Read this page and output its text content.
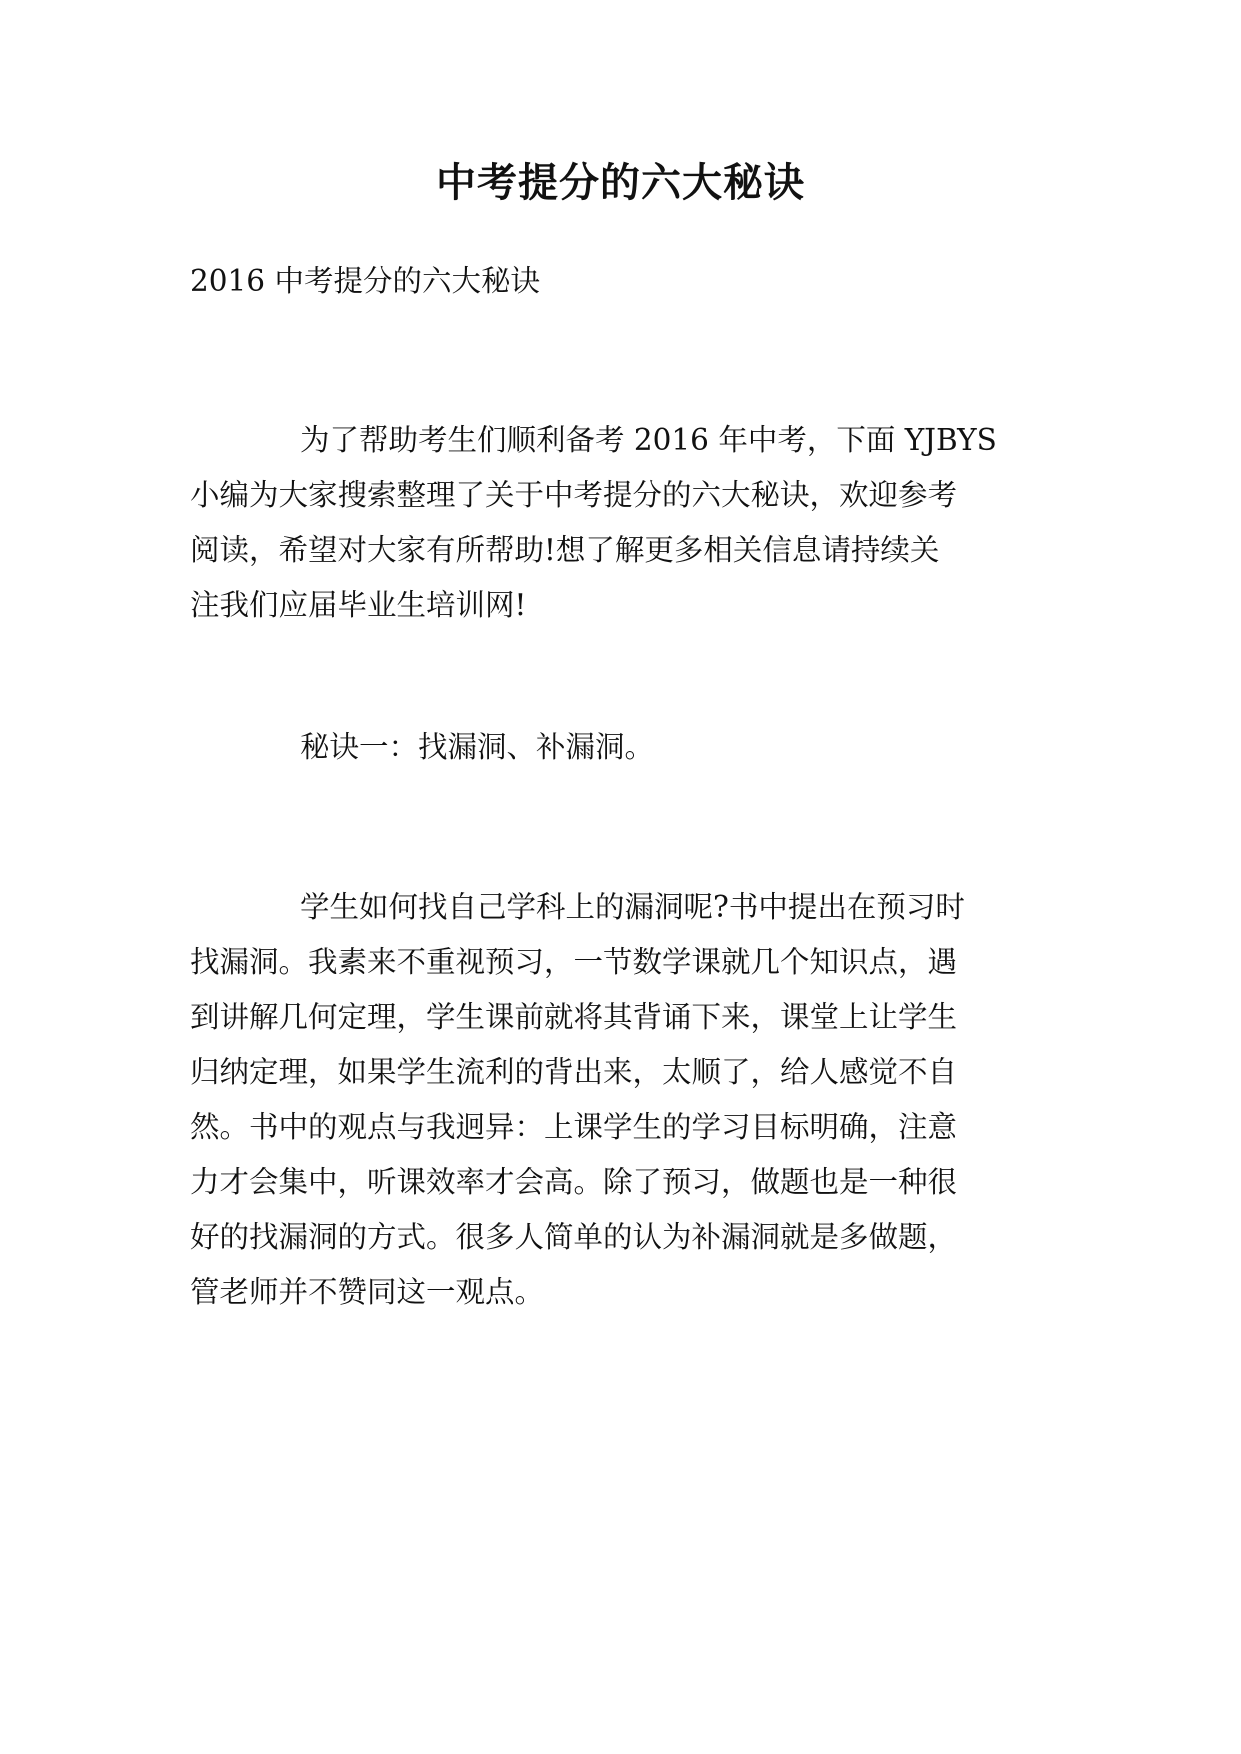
中考提分的六大秘诀

2016 中考提分的六大秘诀

为了帮助考生们顺利备考 2016 年中考，下面 YJBYS
小编为大家搜索整理了关于中考提分的六大秘诀，欢迎参考
阅读，希望对大家有所帮助!想了解更多相关信息请持续关
注我们应届毕业生培训网!

秘诀一：找漏洞、补漏洞。

学生如何找自己学科上的漏洞呢?书中提出在预习时
找漏洞。我素来不重视预习，一节数学课就几个知识点，遇
到讲解几何定理，学生课前就将其背诵下来，课堂上让学生
归纳定理，如果学生流利的背出来，太顺了，给人感觉不自
然。书中的观点与我迥异：上课学生的学习目标明确，注意
力才会集中，听课效率才会高。除了预习，做题也是一种很
好的找漏洞的方式。很多人简单的认为补漏洞就是多做题，
管老师并不赞同这一观点。
